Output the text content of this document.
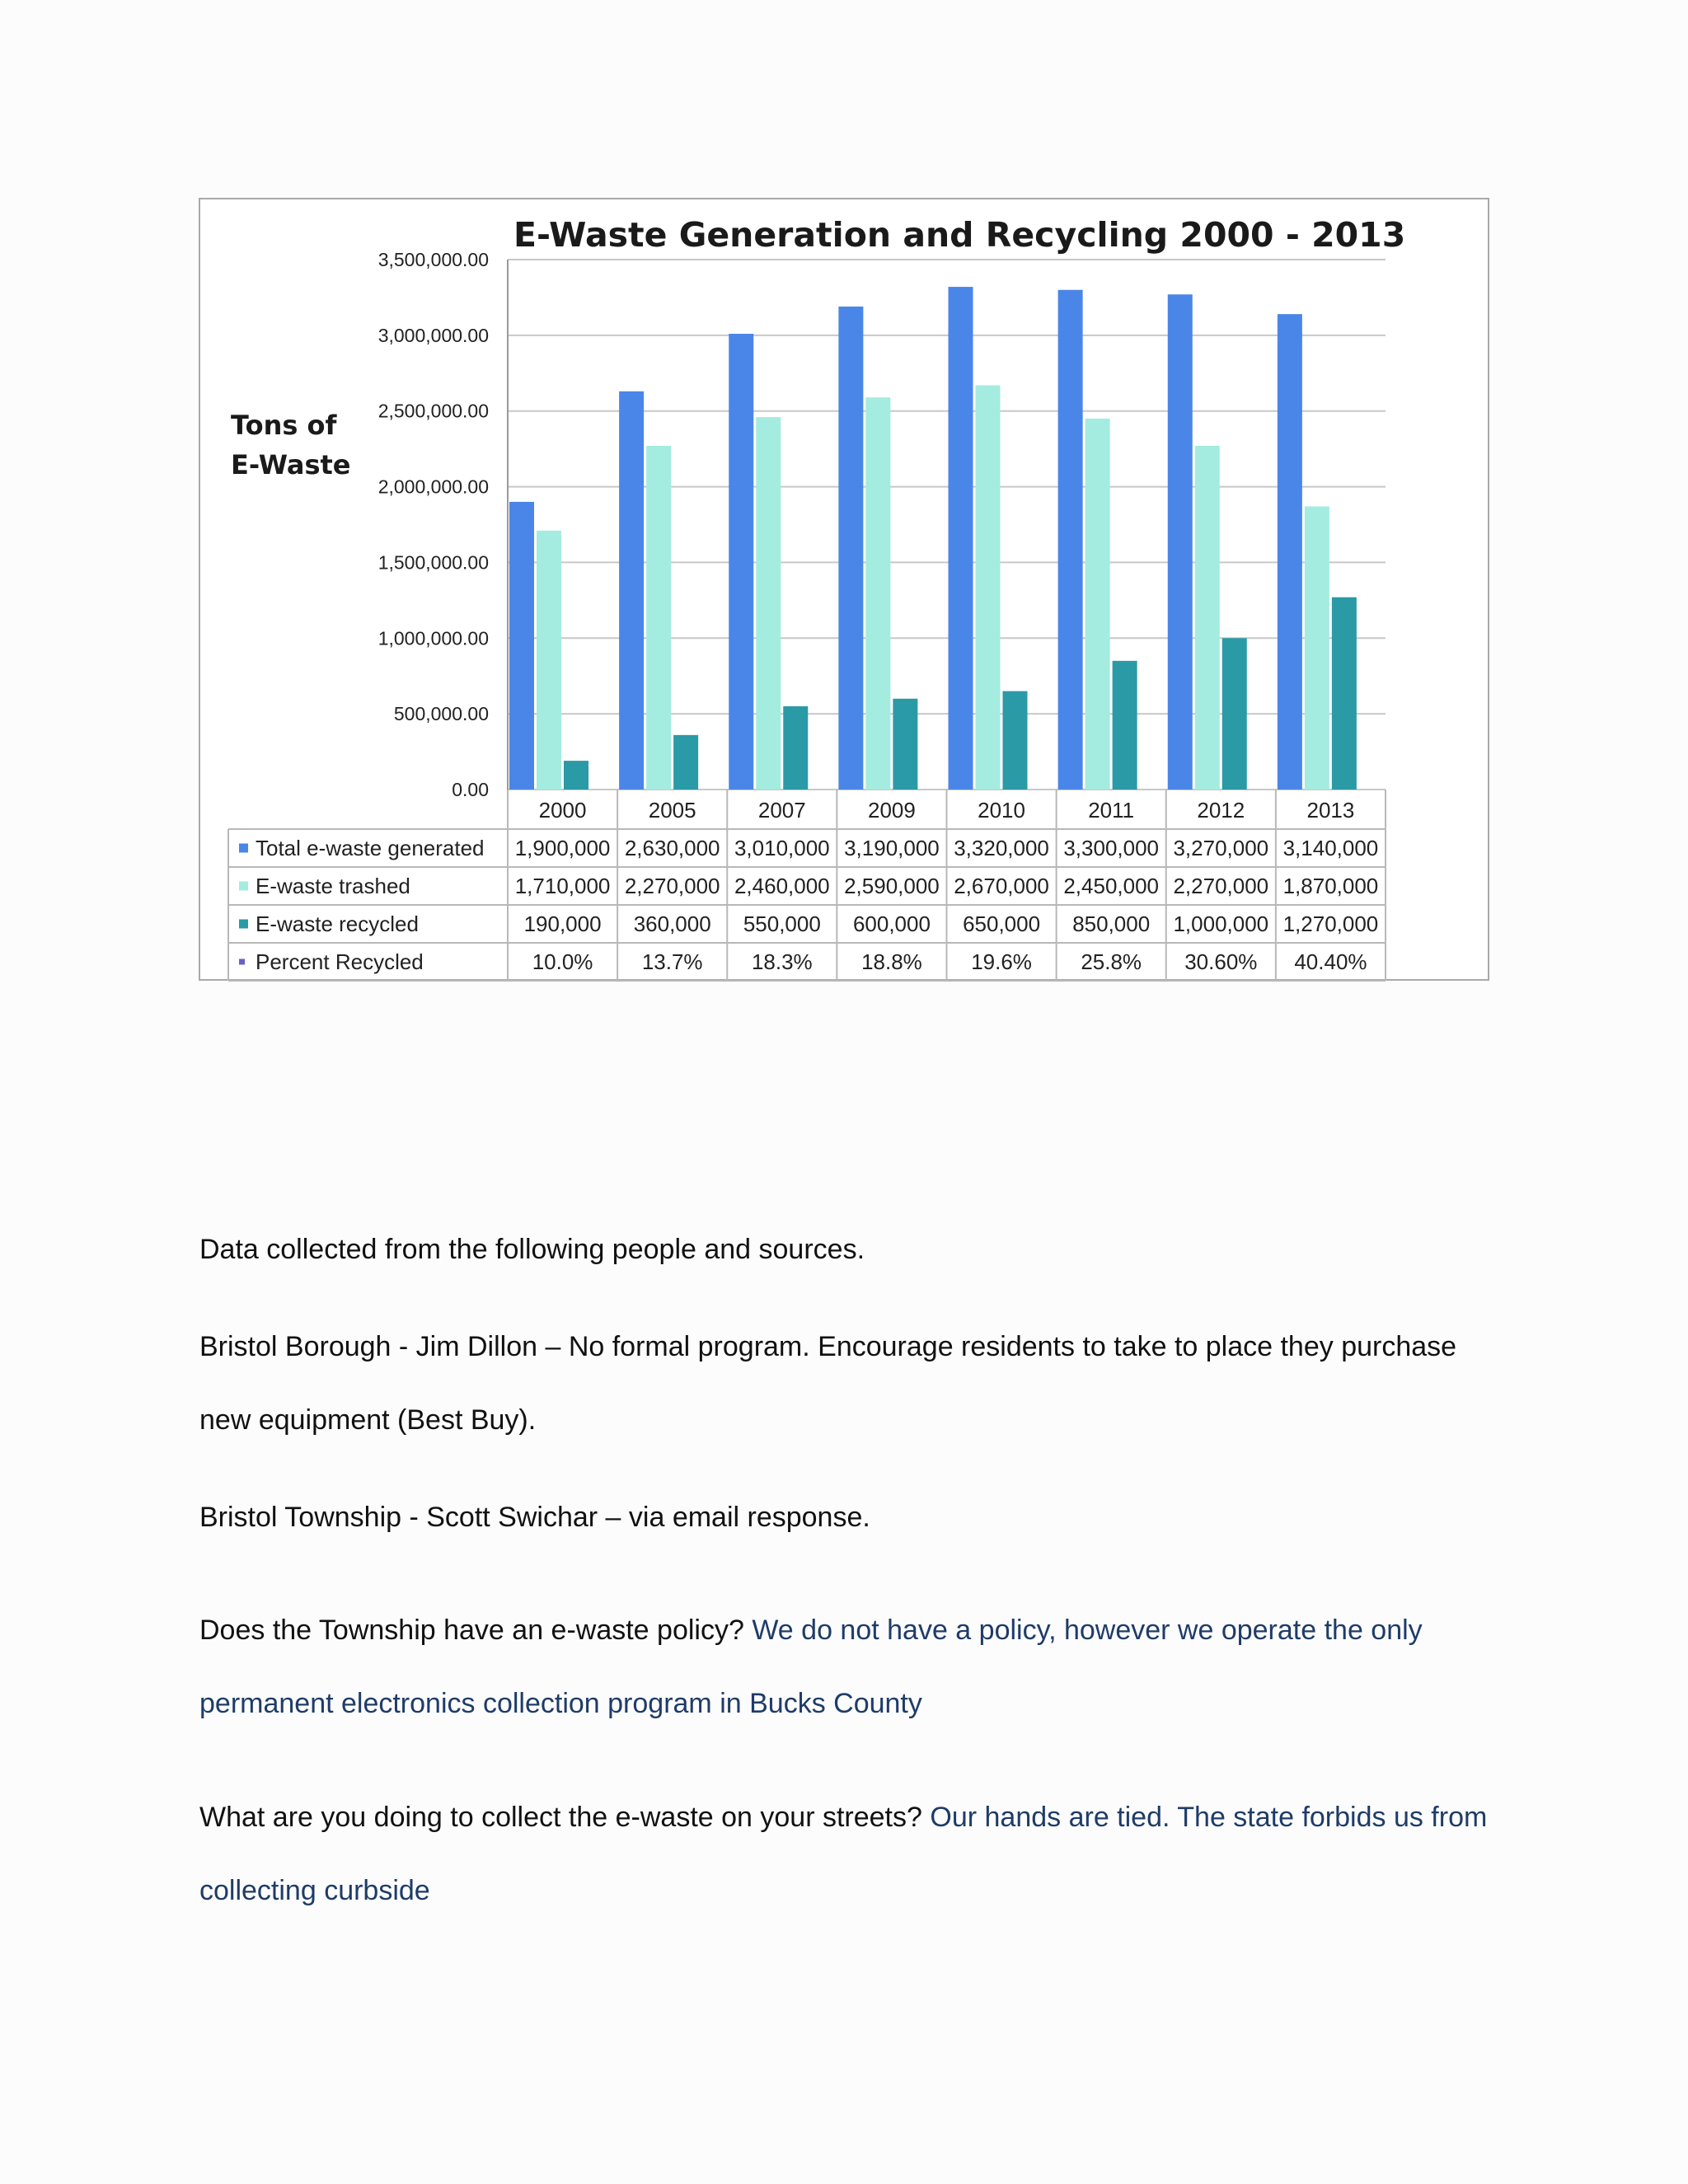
E-Waste Generation and Recycling 2000 - 2013
Tons of
E-Waste
0.00
500,000.00
1,000,000.00
1,500,000.00
2,000,000.00
2,500,000.00
3,000,000.00
3,500,000.00
2000	2005	2007	2009	2010	2011	2012	2013
Total e-waste generated 1,900,000 2,630,000 3,010,000 3,190,000 3,320,000 3,300,000 3,270,000 3,140,000
E-waste trashed	1,710,000 2,270,000 2,460,000 2,590,000 2,670,000 2,450,000 2,270,000 1,870,000
E-waste recycled	190,000 360,000 550,000 600,000 650,000 850,000 1,000,000 1,270,000
Percent Recycled	10.0% 13.7% 18.3% 18.8% 19.6% 25.8% 30.60% 40.40%

Data collected from the following people and sources.

Bristol Borough - Jim Dillon – No formal program. Encourage residents to take to place they purchase new equipment (Best Buy).

Bristol Township - Scott Swichar – via email response.

Does the Township have an e-waste policy? We do not have a policy, however we operate the only permanent electronics collection program in Bucks County

What are you doing to collect the e-waste on your streets? Our hands are tied. The state forbids us from collecting curbside
